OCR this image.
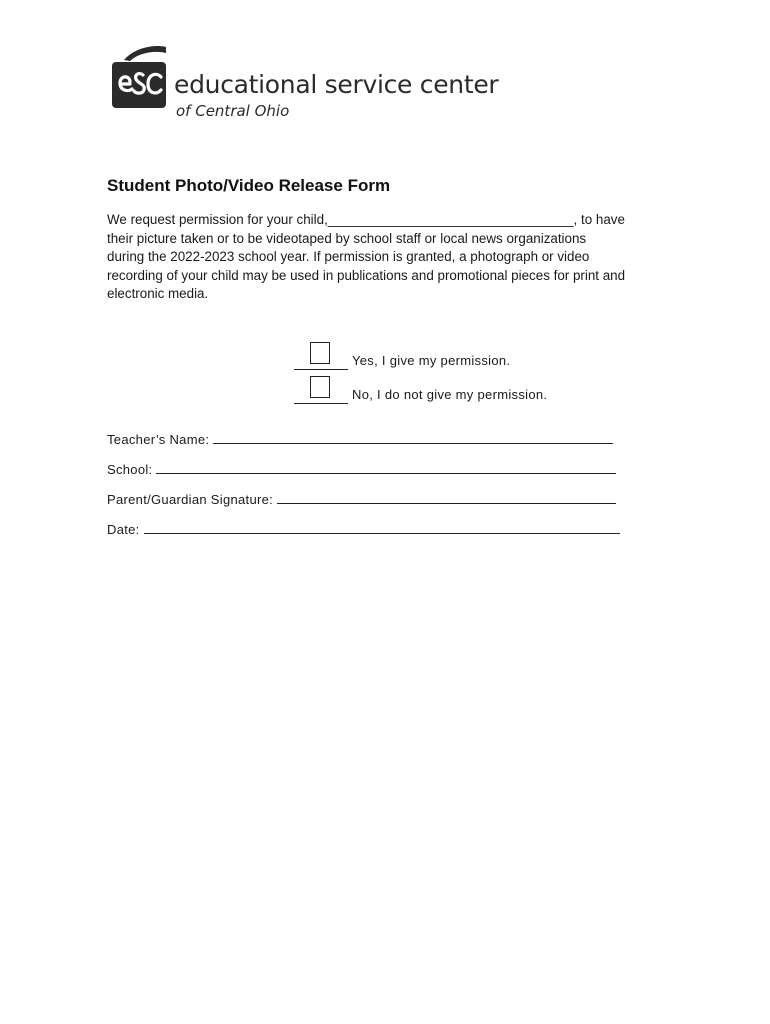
educational service center
of Central Ohio
Student Photo/Video Release Form
We request permission for your child,_________________________________, to have
their picture taken or to be videotaped by school staff or local news organizations
during the 2022-2023 school year. If permission is granted, a photograph or video
recording of your child may be used in publications and promotional pieces for print and
electronic media.
Yes, I give my permission.
No, I do not give my permission.
Teacher’s Name:
School:
Parent/Guardian Signature:
Date:
